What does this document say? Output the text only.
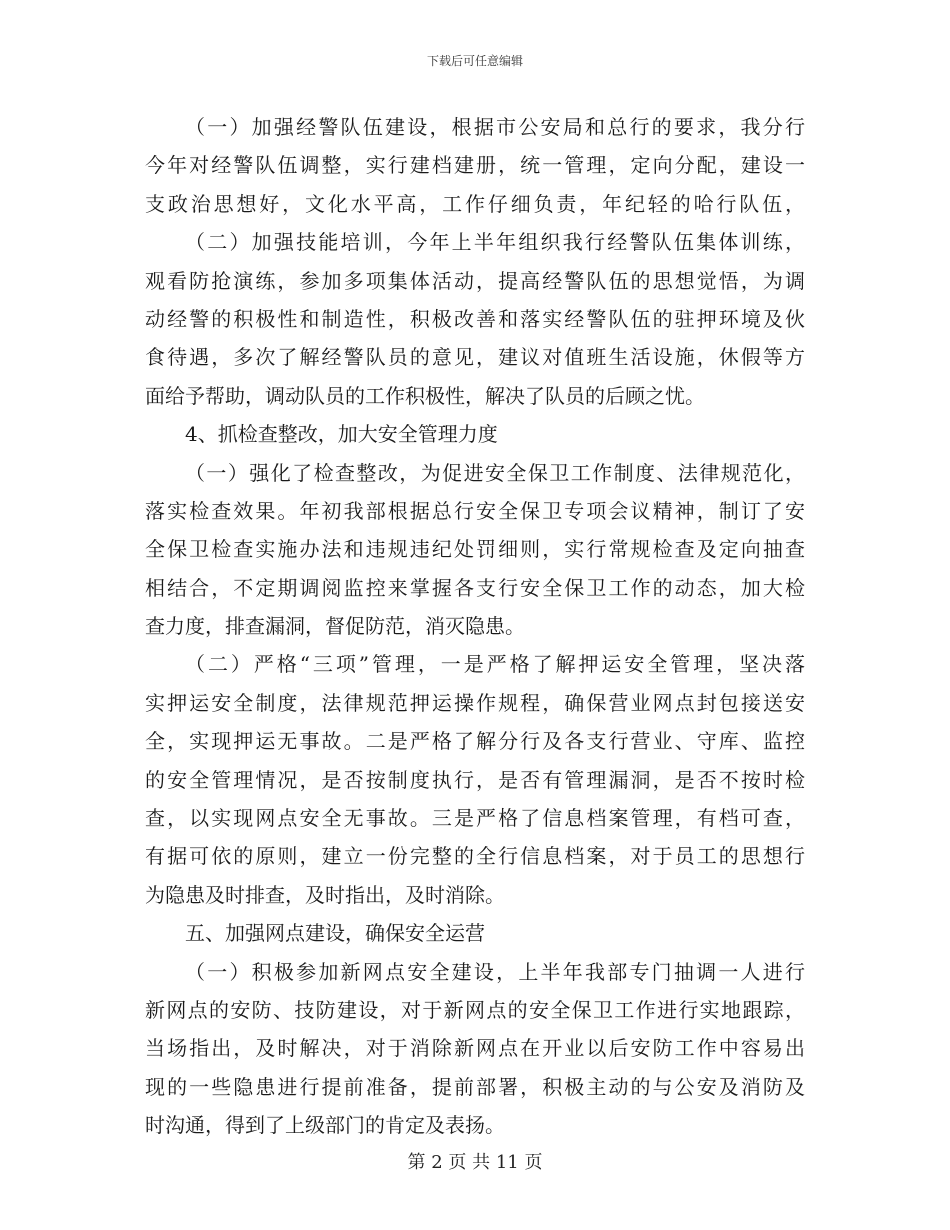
下载后可任意编辑
（一）加强经警队伍建设，根据市公安局和总行的要求，我分行
今年对经警队伍调整，实行建档建册，统一管理，定向分配，建设一
支政治思想好，文化水平高，工作仔细负责，年纪轻的哈行队伍，
（二）加强技能培训，今年上半年组织我行经警队伍集体训练，
观看防抢演练，参加多项集体活动，提高经警队伍的思想觉悟，为调
动经警的积极性和制造性，积极改善和落实经警队伍的驻押环境及伙
食待遇，多次了解经警队员的意见，建议对值班生活设施，休假等方
面给予帮助，调动队员的工作积极性，解决了队员的后顾之忧。
4、抓检查整改，加大安全管理力度
（一）强化了检查整改，为促进安全保卫工作制度、法律规范化，
落实检查效果。年初我部根据总行安全保卫专项会议精神，制订了安
全保卫检查实施办法和违规违纪处罚细则，实行常规检查及定向抽查
相结合，不定期调阅监控来掌握各支行安全保卫工作的动态，加大检
查力度，排查漏洞，督促防范，消灭隐患。
（二）严格“三项”管理，一是严格了解押运安全管理，坚决落
实押运安全制度，法律规范押运操作规程，确保营业网点封包接送安
全，实现押运无事故。二是严格了解分行及各支行营业、守库、监控
的安全管理情况，是否按制度执行，是否有管理漏洞，是否不按时检
查，以实现网点安全无事故。三是严格了信息档案管理，有档可查，
有据可依的原则，建立一份完整的全行信息档案，对于员工的思想行
为隐患及时排查，及时指出，及时消除。
五、加强网点建设，确保安全运营
（一）积极参加新网点安全建设，上半年我部专门抽调一人进行
新网点的安防、技防建设，对于新网点的安全保卫工作进行实地跟踪，
当场指出，及时解决，对于消除新网点在开业以后安防工作中容易出
现的一些隐患进行提前准备，提前部署，积极主动的与公安及消防及
时沟通，得到了上级部门的肯定及表扬。
第 2 页 共 11 页
